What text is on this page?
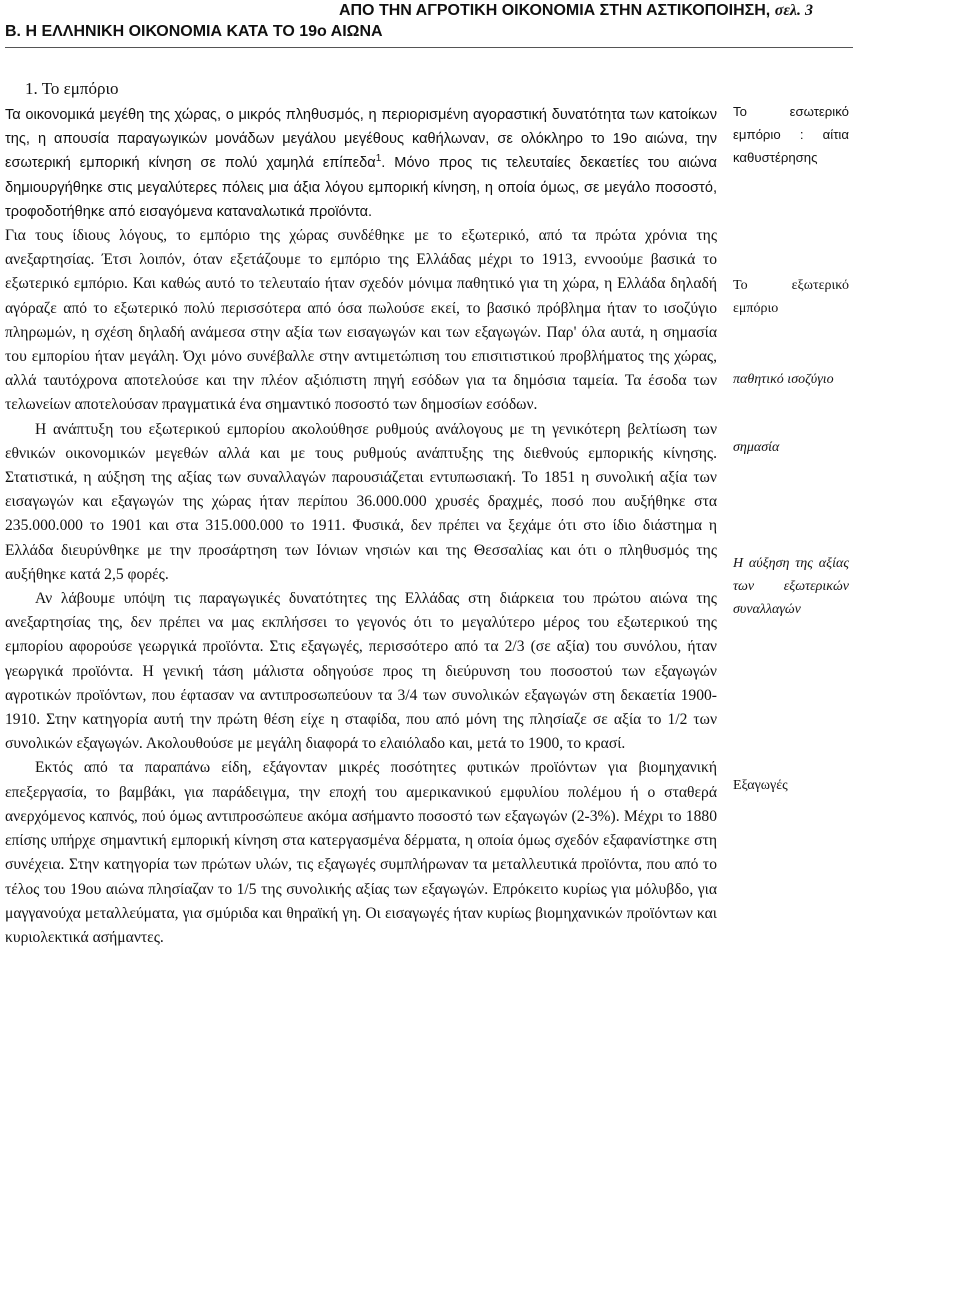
ΑΠΟ ΤΗΝ ΑΓΡΟΤΙΚΗ ΟΙΚΟΝΟΜΙΑ ΣΤΗΝ ΑΣΤΙΚΟΠΟΙΗΣΗ, σελ. 3
Β. Η ΕΛΛΗΝΙΚΗ ΟΙΚΟΝΟΜΙΑ ΚΑΤΑ ΤΟ 19ο ΑΙΩΝΑ
1. Το εμπόριο

Τα οικονομικά μεγέθη της χώρας, ο μικρός πληθυσμός, η περιορισμένη αγοραστική δυνατότητα των κατοίκων της, η απουσία παραγωγικών μονάδων μεγάλου μεγέθους καθήλωναν, σε ολόκληρο το 19ο αιώνα, την εσωτερική εμπορική κίνηση σε πολύ χαμηλά επίπεδα$^1$. Μόνο προς τις τελευταίες δεκαετίες του αιώνα δημιουργήθηκε στις μεγαλύτερες πόλεις μια άξια λόγου εμπορική κίνηση, η οποία όμως, σε μεγάλο ποσοστό, τροφοδοτήθηκε από εισαγόμενα καταναλωτικά προϊόντα.

Για τους ίδιους λόγους, το εμπόριο της χώρας συνδέθηκε με το εξωτερικό, από τα πρώτα χρόνια της ανεξαρτησίας. Έτσι λοιπόν, όταν εξετάζουμε το εμπόριο της Ελλάδας μέχρι το 1913, εννοούμε βασικά το εξωτερικό εμπόριο. Και καθώς αυτό το τελευταίο ήταν σχεδόν μόνιμα παθητικό για τη χώρα, η Ελλάδα δηλαδή αγόραζε από το εξωτερικό πολύ περισσότερα από όσα πωλούσε εκεί, το βασικό πρόβλημα ήταν το ισοζύγιο πληρωμών, η σχέση δηλαδή ανάμεσα στην αξία των εισαγωγών και των εξαγωγών. Παρ' όλα αυτά, η σημασία του εμπορίου ήταν μεγάλη. Όχι μόνο συνέβαλλε στην αντιμετώπιση του επισιτιστικού προβλήματος της χώρας, αλλά ταυτόχρονα αποτελούσε και την πλέον αξιόπιστη πηγή εσόδων για τα δημόσια ταμεία. Τα έσοδα των τελωνείων αποτελούσαν πραγματικά ένα σημαντικό ποσοστό των δημοσίων εσόδων.

Η ανάπτυξη του εξωτερικού εμπορίου ακολούθησε ρυθμούς ανάλογους με τη γενικότερη βελτίωση των εθνικών οικονομικών μεγεθών αλλά και με τους ρυθμούς ανάπτυξης της διεθνούς εμπορικής κίνησης. Στατιστικά, η αύξηση της αξίας των συναλλαγών παρουσιάζεται εντυπωσιακή. Το 1851 η συνολική αξία των εισαγωγών και εξαγωγών της χώρας ήταν περίπου 36.000.000 χρυσές δραχμές, ποσό που αυξήθηκε στα 235.000.000 το 1901 και στα 315.000.000 το 1911. Φυσικά, δεν πρέπει να ξεχάμε ότι στο ίδιο διάστημα η Ελλάδα διευρύνθηκε με την προσάρτηση των Ιόνιων νησιών και της Θεσσαλίας και ότι ο πληθυσμός της αυξήθηκε κατά 2,5 φορές.

Αν λάβουμε υπόψη τις παραγωγικές δυνατότητες της Ελλάδας στη διάρκεια του πρώτου αιώνα της ανεξαρτησίας της, δεν πρέπει να μας εκπλήσσει το γεγονός ότι το μεγαλύτερο μέρος του εξωτερικού της εμπορίου αφορούσε γεωργικά προϊόντα. Στις εξαγωγές, περισσότερο από τα 2/3 (σε αξία) του συνόλου, ήταν γεωργικά προϊόντα. Η γενική τάση μάλιστα οδηγούσε προς τη διεύρυνση του ποσοστού των εξαγωγών αγροτικών προϊόντων, που έφτασαν να αντιπροσωπεύουν τα 3/4 των συνολικών εξαγωγών στη δεκαετία 1900-1910. Στην κατηγορία αυτή την πρώτη θέση είχε η σταφίδα, που από μόνη της πλησίαζε σε αξία το 1/2 των συνολικών εξαγωγών. Ακολουθούσε με μεγάλη διαφορά το ελαιόλαδο και, μετά το 1900, το κρασί.

Εκτός από τα παραπάνω είδη, εξάγονταν μικρές ποσότητες φυτικών προϊόντων για βιομηχανική επεξεργασία, το βαμβάκι, για παράδειγμα, την εποχή του αμερικανικού εμφυλίου πολέμου ή ο σταθερά ανερχόμενος καπνός, πού όμως αντιπροσώπευε ακόμα ασήμαντο ποσοστό των εξαγωγών (2-3%). Μέχρι το 1880 επίσης υπήρχε σημαντική εμπορική κίνηση στα κατεργασμένα δέρματα, η οποία όμως σχεδόν εξαφανίστηκε στη συνέχεια. Στην κατηγορία των πρώτων υλών, τις εξαγωγές συμπλήρωναν τα μεταλλευτικά προϊόντα, που από το τέλος του 19ου αιώνα πλησίαζαν το 1/5 της συνολικής αξίας των εξαγωγών. Επρόκειτο κυρίως για μόλυβδο, για μαγγανούχα μεταλλεύματα, για σμύριδα και θηραϊκή γη. Οι εισαγωγές ήταν κυρίως βιομηχανικών προϊόντων και κυριολεκτικά ασήμαντες.

Το εσωτερικό εμπόριο : αίτια καθυστέρησης
Το εξωτερικό εμπόριο
παθητικό ισοζύγιο
σημασία
Η αύξηση της αξίας των εξωτερικών συναλλαγών
Εξαγωγές
